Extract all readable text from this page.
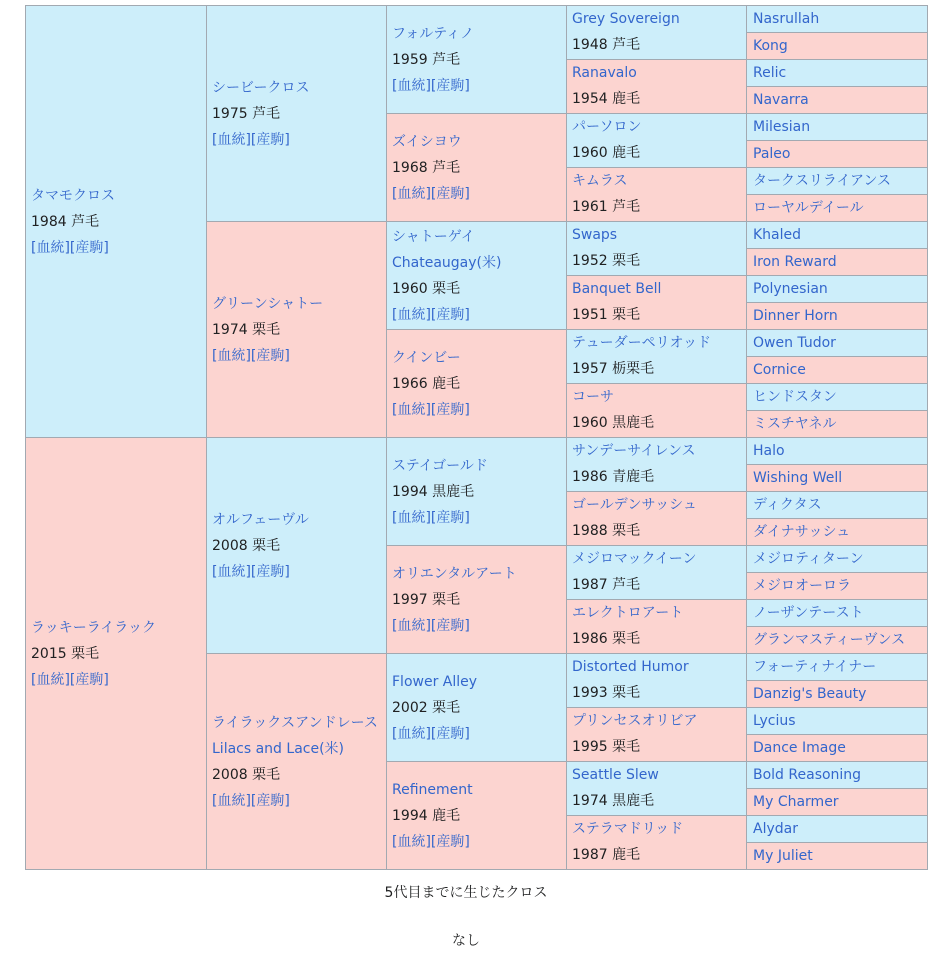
タマモクロス
1984 芦毛
[血統][産駒]
ラッキーライラック
2015 栗毛
[血統][産駒]
シービークロス
1975 芦毛
[血統][産駒]
グリーンシャトー
1974 栗毛
[血統][産駒]
オルフェーヴル
2008 栗毛
[血統][産駒]
ライラックスアンドレース
Lilacs and Lace(米)
2008 栗毛
[血統][産駒]
フォルティノ
1959 芦毛
[血統][産駒]
ズイシヨウ
1968 芦毛
[血統][産駒]
シャトーゲイ
Chateaugay(米)
1960 栗毛
[血統][産駒]
クインビー
1966 鹿毛
[血統][産駒]
ステイゴールド
1994 黒鹿毛
[血統][産駒]
オリエンタルアート
1997 栗毛
[血統][産駒]
Flower Alley
2002 栗毛
[血統][産駒]
Refinement
1994 鹿毛
[血統][産駒]
Grey Sovereign
1948 芦毛
Ranavalo
1954 鹿毛
パーソロン
1960 鹿毛
キムラス
1961 芦毛
Swaps
1952 栗毛
Banquet Bell
1951 栗毛
テューダーペリオッド
1957 栃栗毛
コーサ
1960 黒鹿毛
サンデーサイレンス
1986 青鹿毛
ゴールデンサッシュ
1988 栗毛
メジロマックイーン
1987 芦毛
エレクトロアート
1986 栗毛
Distorted Humor
1993 栗毛
プリンセスオリビア
1995 栗毛
Seattle Slew
1974 黒鹿毛
ステラマドリッド
1987 鹿毛
Nasrullah
Kong
Relic
Navarra
Milesian
Paleo
タークスリライアンス
ローヤルデイール
Khaled
Iron Reward
Polynesian
Dinner Horn
Owen Tudor
Cornice
ヒンドスタン
ミスチヤネル
Halo
Wishing Well
ディクタス
ダイナサッシュ
メジロティターン
メジロオーロラ
ノーザンテースト
グランマスティーヴンス
フォーティナイナー
Danzig's Beauty
Lycius
Dance Image
Bold Reasoning
My Charmer
Alydar
My Juliet
5代目までに生じたクロス
なし
